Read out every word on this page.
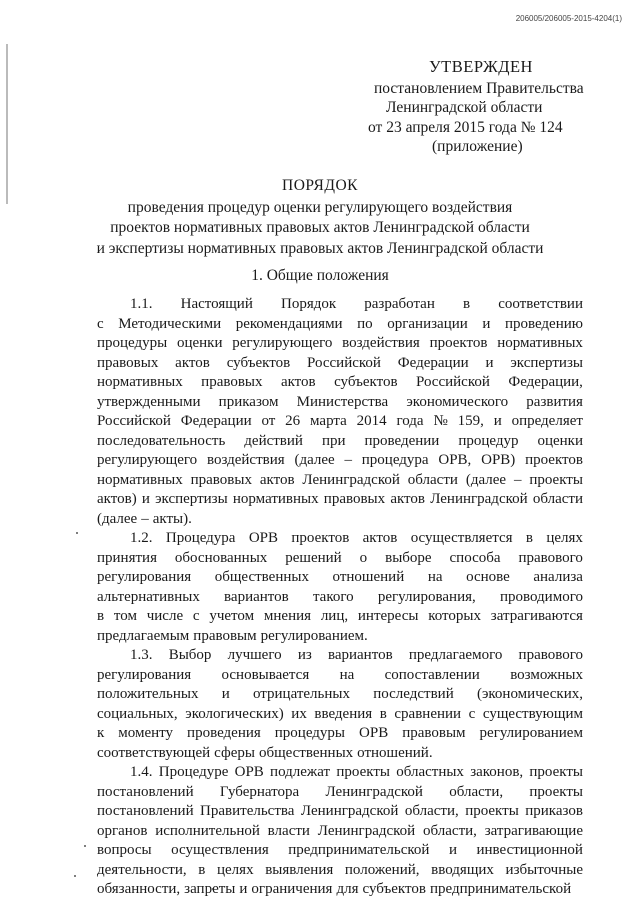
206005/206005-2015-4204(1)
УТВЕРЖДЕН
постановлением Правительства
Ленинградской области
от 23 апреля 2015 года № 124
(приложение)
ПОРЯДОК
проведения процедур оценки регулирующего воздействия
проектов нормативных правовых актов Ленинградской области
и экспертизы нормативных правовых актов Ленинградской области
1. Общие положения
1.1. Настоящий Порядок разработан в соответствии
с Методическими рекомендациями по организации и проведению
процедуры оценки регулирующего воздействия проектов нормативных
правовых актов субъектов Российской Федерации и экспертизы
нормативных правовых актов субъектов Российской Федерации,
утвержденными приказом Министерства экономического развития
Российской Федерации от 26 марта 2014 года № 159, и определяет
последовательность действий при проведении процедур оценки
регулирующего воздействия (далее – процедура ОРВ, ОРВ) проектов
нормативных правовых актов Ленинградской области (далее – проекты
актов) и экспертизы нормативных правовых актов Ленинградской области
(далее – акты).
1.2. Процедура ОРВ проектов актов осуществляется в целях
принятия обоснованных решений о выборе способа правового
регулирования общественных отношений на основе анализа
альтернативных вариантов такого регулирования, проводимого
в том числе с учетом мнения лиц, интересы которых затрагиваются
предлагаемым правовым регулированием.
1.3. Выбор лучшего из вариантов предлагаемого правового
регулирования основывается на сопоставлении возможных
положительных и отрицательных последствий (экономических,
социальных, экологических) их введения в сравнении с существующим
к моменту проведения процедуры ОРВ правовым регулированием
соответствующей сферы общественных отношений.
1.4. Процедуре ОРВ подлежат проекты областных законов, проекты
постановлений Губернатора Ленинградской области, проекты
постановлений Правительства Ленинградской области, проекты приказов
органов исполнительной власти Ленинградской области, затрагивающие
вопросы осуществления предпринимательской и инвестиционной
деятельности, в целях выявления положений, вводящих избыточные
обязанности, запреты и ограничения для субъектов предпринимательской
